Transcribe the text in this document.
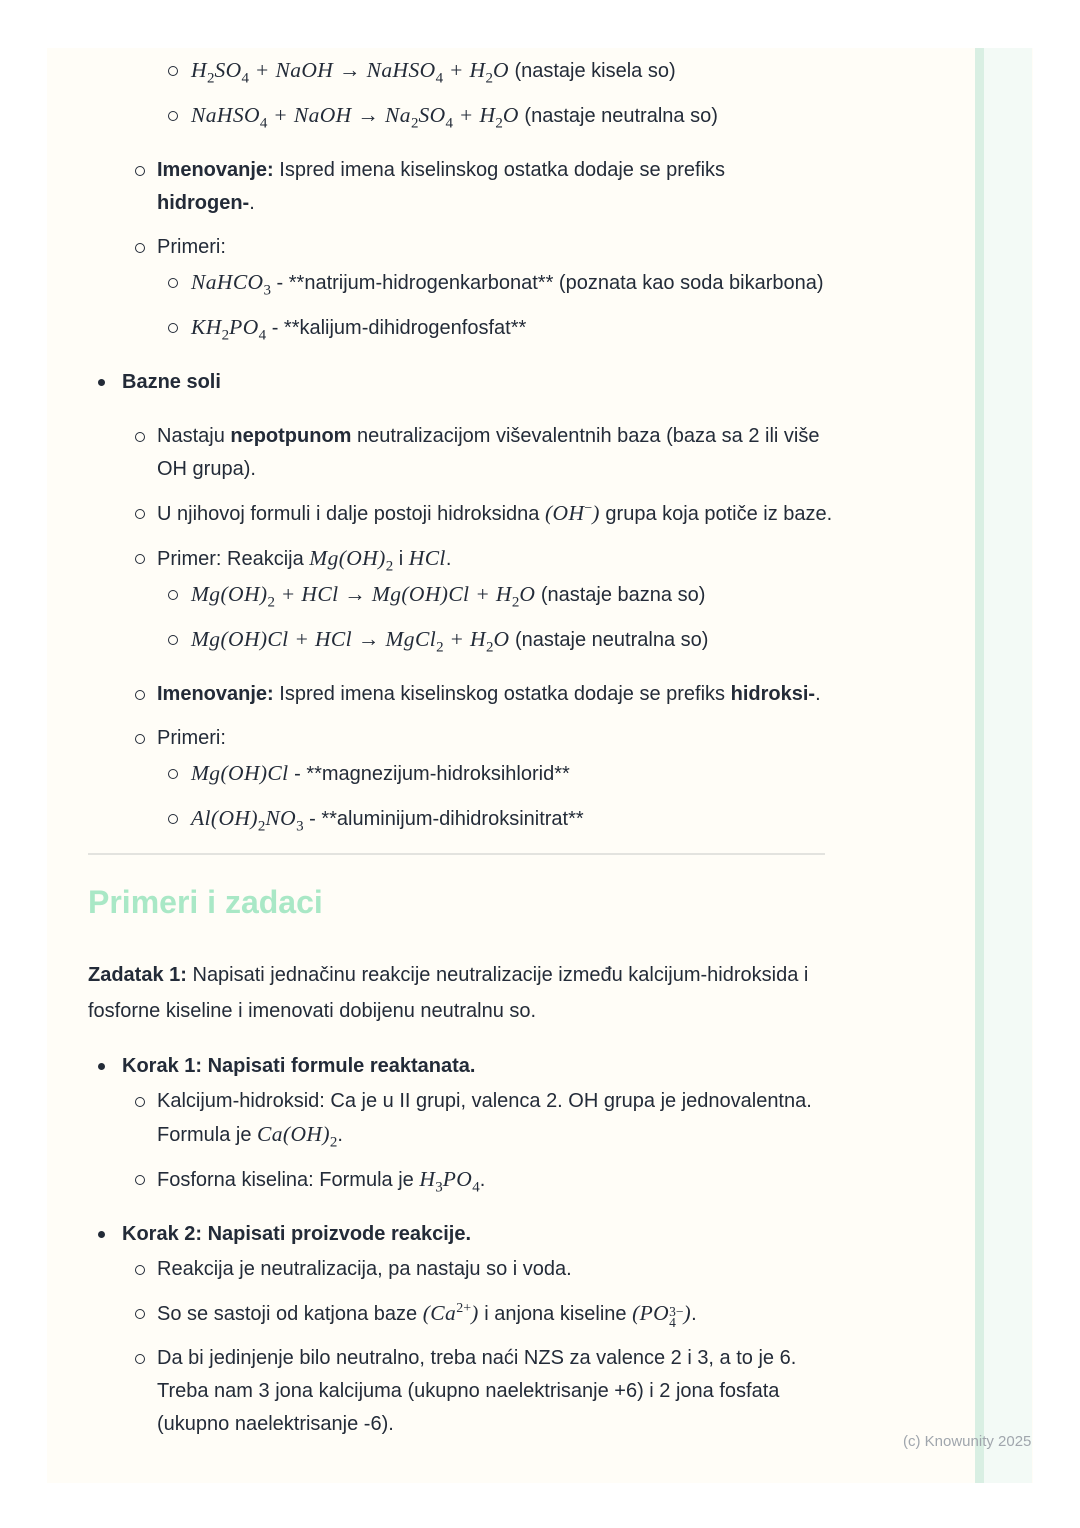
$H_2SO_4$ + NaOH → NaHSO$_4$ + $H_2O$ (nastaje kisela so)
NaHSO$_4$ + NaOH → $Na_2SO_4 + H_2O$ (nastaje neutralna so)
Imenovanje: Ispred imena kiselinskog ostatka dodaje se prefiks
hidrogen-.
Primeri:
NaHCO$_3$ - **natrijum-hidrogenkarbonat** (poznata kao soda bikarbona)
$KH_2PO_4$ - **kalijum-dihidrogenfosfat**
Bazne soli
Nastaju nepotpunom neutralizacijom viševalentnih baza (baza sa 2 ili više OH grupa).
U njihovoj formuli i dalje postoji hidroksidna (OH−) grupa koja potiče iz baze.
Primer: Reakcija $Mg(OH)_2$ i HCl.
$Mg(OH)_2$ + HCl → $Mg(OH)Cl + H_2O$ (nastaje bazna so)
Mg(OH)Cl + HCl → MgCl$_2$ + $H_2O$ (nastaje neutralna so)
Imenovanje: Ispred imena kiselinskog ostatka dodaje se prefiks hidroksi-.
Primeri:
Mg(OH)Cl - **magnezijum-hidroksihlorid**
$Al(OH)_2NO_3$ - **aluminijum-dihidroksinitrat**
Primeri i zadaci
Zadatak 1: Napisati jednačinu reakcije neutralizacije između kalcijum-hidroksida i fosforne kiseline i imenovati dobijenu neutralnu so.
Korak 1: Napisati formule reaktanata.
Kalcijum-hidroksid: Ca je u II grupi, valenca 2. OH grupa je jednovalentna. Formula je $Ca(OH)_2$.
Fosforna kiselina: Formula je $H_3PO_4$.
Korak 2: Napisati proizvode reakcije.
Reakcija je neutralizacija, pa nastaju so i voda.
So se sastoji od katjona baze $(Ca^{2+})$ i anjona kiseline (PO 3−
4 ).
Da bi jedinjenje bilo neutralno, treba naći NZS za valence 2 i 3, a to je 6. Treba nam 3 jona kalcijuma (ukupno naelektrisanje +6) i 2 jona fosfata (ukupno naelektrisanje -6).
(c) Knowunity 2025
